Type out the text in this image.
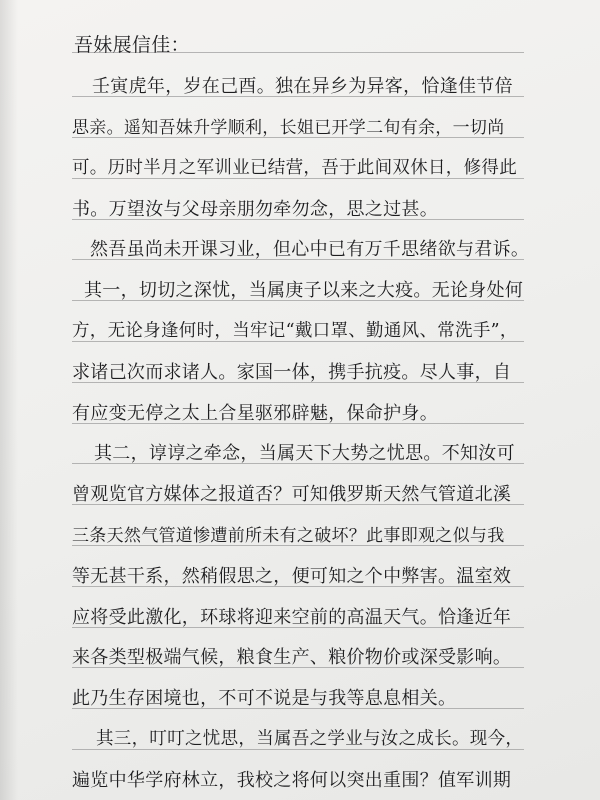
吾妹展信佳：
壬寅虎年，岁在己酉。独在异乡为异客，恰逢佳节倍
思亲。遥知吾妹升学顺利，长姐已开学二旬有余，一切尚
可。历时半月之军训业已结营，吾于此间双休日，修得此
书。万望汝与父母亲朋勿牵勿念，思之过甚。
然吾虽尚未开课习业，但心中已有万千思绪欲与君诉。
其一，切切之深忧，当属庚子以来之大疫。无论身处何
方，无论身逢何时，当牢记“戴口罩、勤通风、常洗手”，
求诸己次而求诸人。家国一体，携手抗疫。尽人事，自
有应变无停之太上合星驱邪辟魅，保命护身。
其二，谆谆之牵念，当属天下大势之忧思。不知汝可
曾观览官方媒体之报道否？可知俄罗斯天然气管道北溪
三条天然气管道惨遭前所未有之破坏？此事即观之似与我
等无甚干系，然稍假思之，便可知之个中弊害。温室效
应将受此激化，环球将迎来空前的高温天气。恰逢近年
来各类型极端气候，粮食生产、粮价物价或深受影响。
此乃生存困境也，不可不说是与我等息息相关。
其三，叮叮之忧思，当属吾之学业与汝之成长。现今，
遍览中华学府林立，我校之将何以突出重围？值军训期
